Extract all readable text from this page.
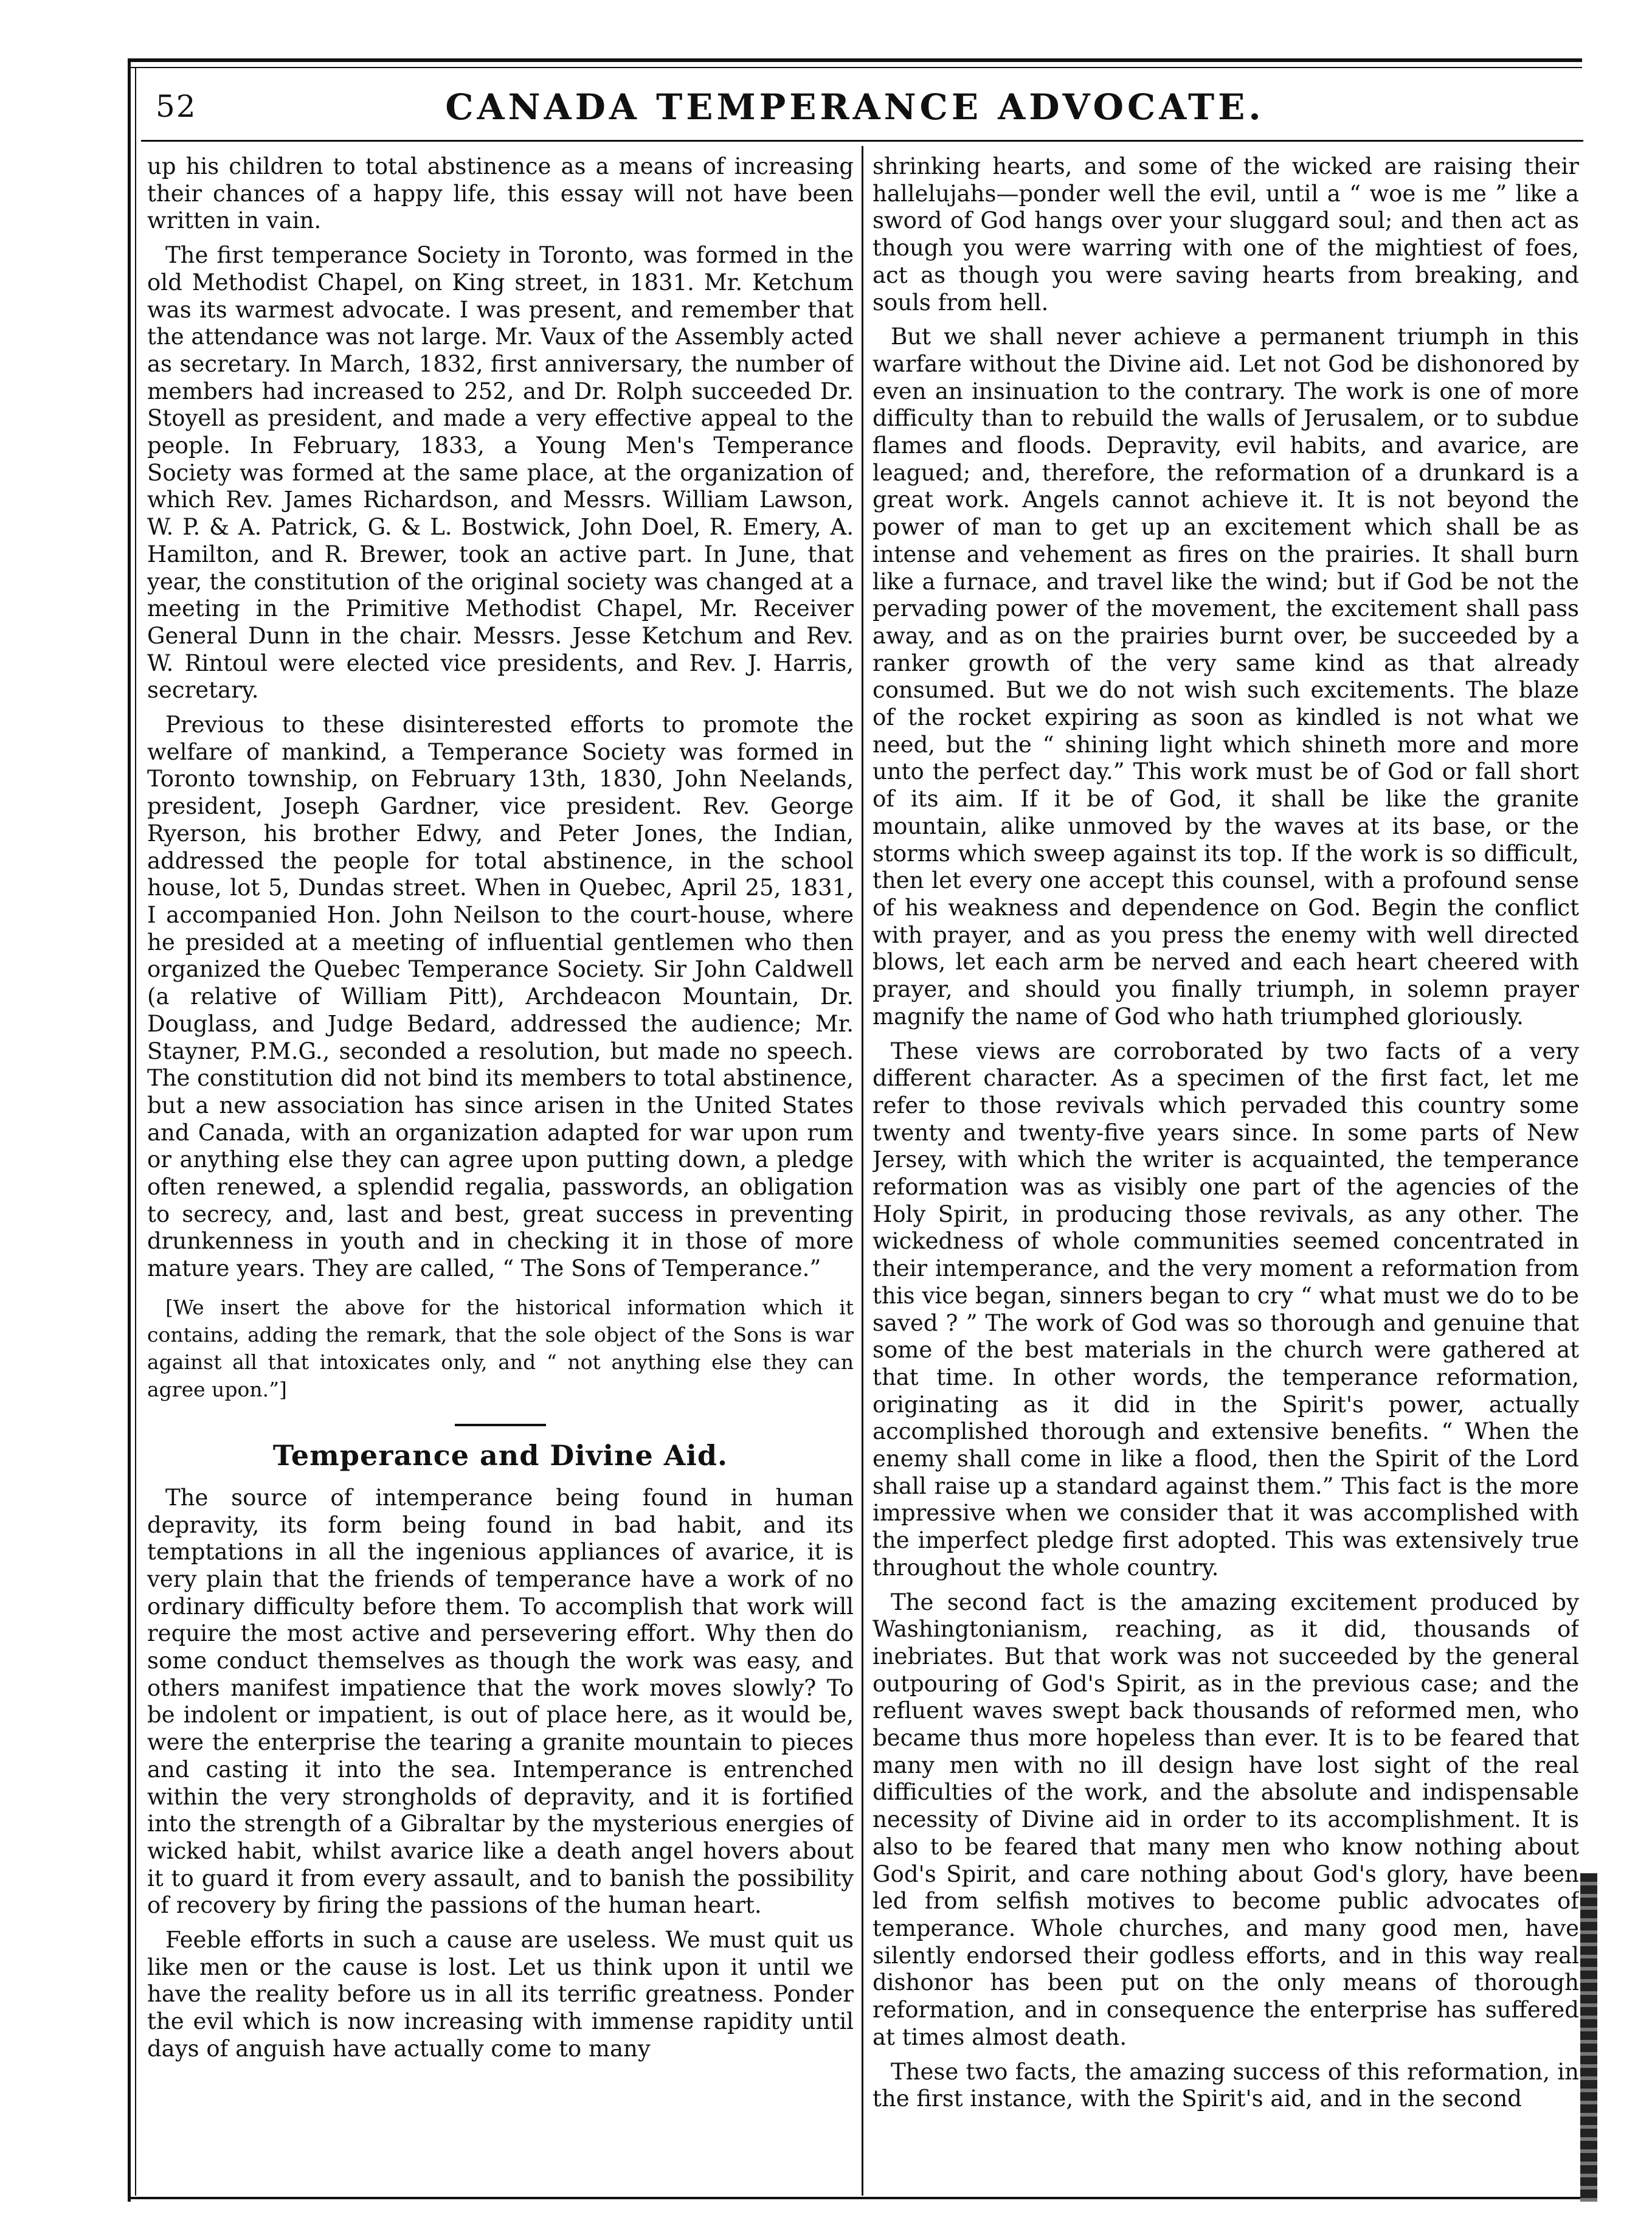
52	CANADA TEMPERANCE ADVOCATE.

up his children to total abstinence as a means of increasing their chances of a happy life, this essay will not have been written in vain.

The first temperance Society in Toronto, was formed in the old Methodist Chapel, on King street, in 1831. Mr. Ketchum was its warmest advocate. I was present, and remember that the attendance was not large. Mr. Vaux of the Assembly acted as secretary. In March, 1832, first anniversary, the number of members had increased to 252, and Dr. Rolph succeeded Dr. Stoyell as president, and made a very effective appeal to the people. In February, 1833, a Young Men's Temperance Society was formed at the same place, at the organization of which Rev. James Richardson, and Messrs. William Lawson, W. P. & A. Patrick, G. & L. Bostwick, John Doel, R. Emery, A. Hamilton, and R. Brewer, took an active part. In June, that year, the constitution of the original society was changed at a meeting in the Primitive Methodist Chapel, Mr. Receiver General Dunn in the chair. Messrs. Jesse Ketchum and Rev. W. Rintoul were elected vice presidents, and Rev. J. Harris, secretary.

Previous to these disinterested efforts to promote the welfare of mankind, a Temperance Society was formed in Toronto township, on February 13th, 1830, John Neelands, president, Joseph Gardner, vice president. Rev. George Ryerson, his brother Edwy, and Peter Jones, the Indian, addressed the people for total abstinence, in the school house, lot 5, Dundas street. When in Quebec, April 25, 1831, I accompanied Hon. John Neilson to the court-house, where he presided at a meeting of influential gentlemen who then organized the Quebec Temperance Society. Sir John Caldwell (a relative of William Pitt), Archdeacon Mountain, Dr. Douglass, and Judge Bedard, addressed the audience; Mr. Stayner, P.M.G., seconded a resolution, but made no speech. The constitution did not bind its members to total abstinence, but a new association has since arisen in the United States and Canada, with an organization adapted for war upon rum or anything else they can agree upon putting down, a pledge often renewed, a splendid regalia, passwords, an obligation to secrecy, and, last and best, great success in preventing drunkenness in youth and in checking it in those of more mature years. They are called, “ The Sons of Temperance.”

[We insert the above for the historical information which it contains, adding the remark, that the sole object of the Sons is war against all that intoxicates only, and “ not anything else they can agree upon.”]

Temperance and Divine Aid.

The source of intemperance being found in human depravity, its form being found in bad habit, and its temptations in all the ingenious appliances of avarice, it is very plain that the friends of temperance have a work of no ordinary difficulty before them. To accomplish that work will require the most active and persevering effort. Why then do some conduct themselves as though the work was easy, and others manifest impatience that the work moves slowly? To be indolent or impatient, is out of place here, as it would be, were the enterprise the tearing a granite mountain to pieces and casting it into the sea. Intemperance is entrenched within the very strongholds of depravity, and it is fortified into the strength of a Gibraltar by the mysterious energies of wicked habit, whilst avarice like a death angel hovers about it to guard it from every assault, and to banish the possibility of recovery by firing the passions of the human heart.

Feeble efforts in such a cause are useless. We must quit us like men or the cause is lost. Let us think upon it until we have the reality before us in all its terrific greatness. Ponder the evil which is now increasing with immense rapidity until days of anguish have actually come to many

shrinking hearts, and some of the wicked are raising their hallelujahs—ponder well the evil, until a “ woe is me ” like a sword of God hangs over your sluggard soul; and then act as though you were warring with one of the mightiest of foes, act as though you were saving hearts from breaking, and souls from hell.

But we shall never achieve a permanent triumph in this warfare without the Divine aid. Let not God be dishonored by even an insinuation to the contrary. The work is one of more difficulty than to rebuild the walls of Jerusalem, or to subdue flames and floods. Depravity, evil habits, and avarice, are leagued; and, therefore, the reformation of a drunkard is a great work. Angels cannot achieve it. It is not beyond the power of man to get up an excitement which shall be as intense and vehement as fires on the prairies. It shall burn like a furnace, and travel like the wind; but if God be not the pervading power of the movement, the excitement shall pass away, and as on the prairies burnt over, be succeeded by a ranker growth of the very same kind as that already consumed. But we do not wish such excitements. The blaze of the rocket expiring as soon as kindled is not what we need, but the “ shining light which shineth more and more unto the perfect day.” This work must be of God or fall short of its aim. If it be of God, it shall be like the granite mountain, alike unmoved by the waves at its base, or the storms which sweep against its top. If the work is so difficult, then let every one accept this counsel, with a profound sense of his weakness and dependence on God. Begin the conflict with prayer, and as you press the enemy with well directed blows, let each arm be nerved and each heart cheered with prayer, and should you finally triumph, in solemn prayer magnify the name of God who hath triumphed gloriously.

These views are corroborated by two facts of a very different character. As a specimen of the first fact, let me refer to those revivals which pervaded this country some twenty and twenty-five years since. In some parts of New Jersey, with which the writer is acquainted, the temperance reformation was as visibly one part of the agencies of the Holy Spirit, in producing those revivals, as any other. The wickedness of whole communities seemed concentrated in their intemperance, and the very moment a reformation from this vice began, sinners began to cry “ what must we do to be saved ? ” The work of God was so thorough and genuine that some of the best materials in the church were gathered at that time. In other words, the temperance reformation, originating as it did in the Spirit's power, actually accomplished thorough and extensive benefits. “ When the enemy shall come in like a flood, then the Spirit of the Lord shall raise up a standard against them.” This fact is the more impressive when we consider that it was accomplished with the imperfect pledge first adopted. This was extensively true throughout the whole country.

The second fact is the amazing excitement produced by Washingtonianism, reaching, as it did, thousands of inebriates. But that work was not succeeded by the general outpouring of God's Spirit, as in the previous case; and the refluent waves swept back thousands of reformed men, who became thus more hopeless than ever. It is to be feared that many men with no ill design have lost sight of the real difficulties of the work, and the absolute and indispensable necessity of Divine aid in order to its accomplishment. It is also to be feared that many men who know nothing about God's Spirit, and care nothing about God's glory, have been led from selfish motives to become public advocates of temperance. Whole churches, and many good men, have silently endorsed their godless efforts, and in this way real dishonor has been put on the only means of thorough reformation, and in consequence the enterprise has suffered at times almost death.

These two facts, the amazing success of this reformation, in the first instance, with the Spirit's aid, and in the second
